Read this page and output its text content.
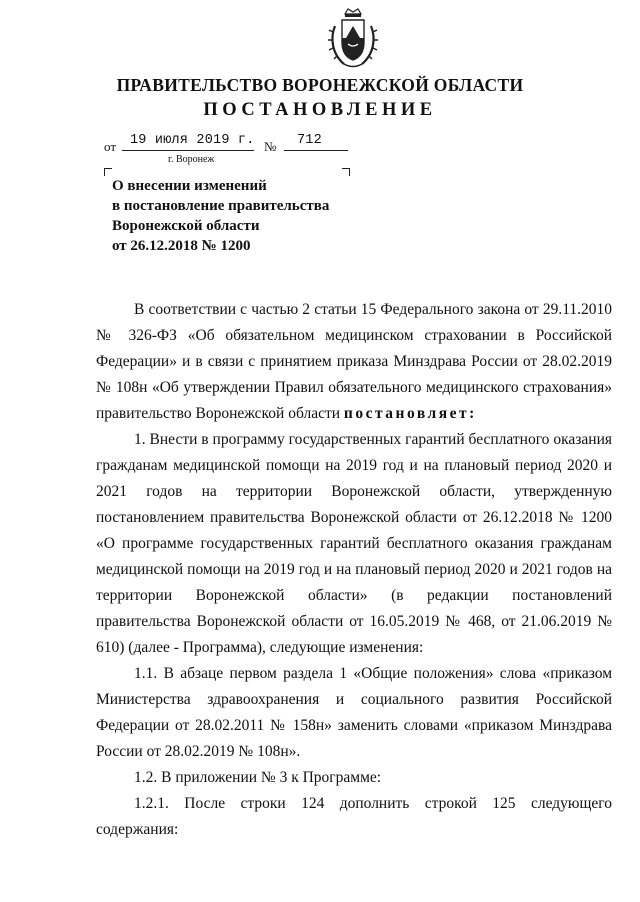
ПРАВИТЕЛЬСТВО ВОРОНЕЖСКОЙ ОБЛАСТИ
ПОСТАНОВЛЕНИЕ
от 19 июля 2019 г. № 712
г. Воронеж
О внесении изменений
в постановление правительства
Воронежской области
от 26.12.2018 № 1200

В соответствии с частью 2 статьи 15 Федерального закона от 29.11.2010 № 326-ФЗ «Об обязательном медицинском страховании в Российской Федерации» и в связи с принятием приказа Минздрава России от 28.02.2019 № 108н «Об утверждении Правил обязательного медицинского страхования» правительство Воронежской области постановляет:

1. Внести в программу государственных гарантий бесплатного оказания гражданам медицинской помощи на 2019 год и на плановый период 2020 и 2021 годов на территории Воронежской области, утвержденную постановлением правительства Воронежской области от 26.12.2018 № 1200 «О программе государственных гарантий бесплатного оказания гражданам медицинской помощи на 2019 год и на плановый период 2020 и 2021 годов на территории Воронежской области» (в редакции постановлений правительства Воронежской области от 16.05.2019 № 468, от 21.06.2019 № 610) (далее - Программа), следующие изменения:

1.1. В абзаце первом раздела 1 «Общие положения» слова «приказом Министерства здравоохранения и социального развития Российской Федерации от 28.02.2011 № 158н» заменить словами «приказом Минздрава России от 28.02.2019 № 108н».

1.2. В приложении № 3 к Программе:

1.2.1. После строки 124 дополнить строкой 125 следующего содержания:
